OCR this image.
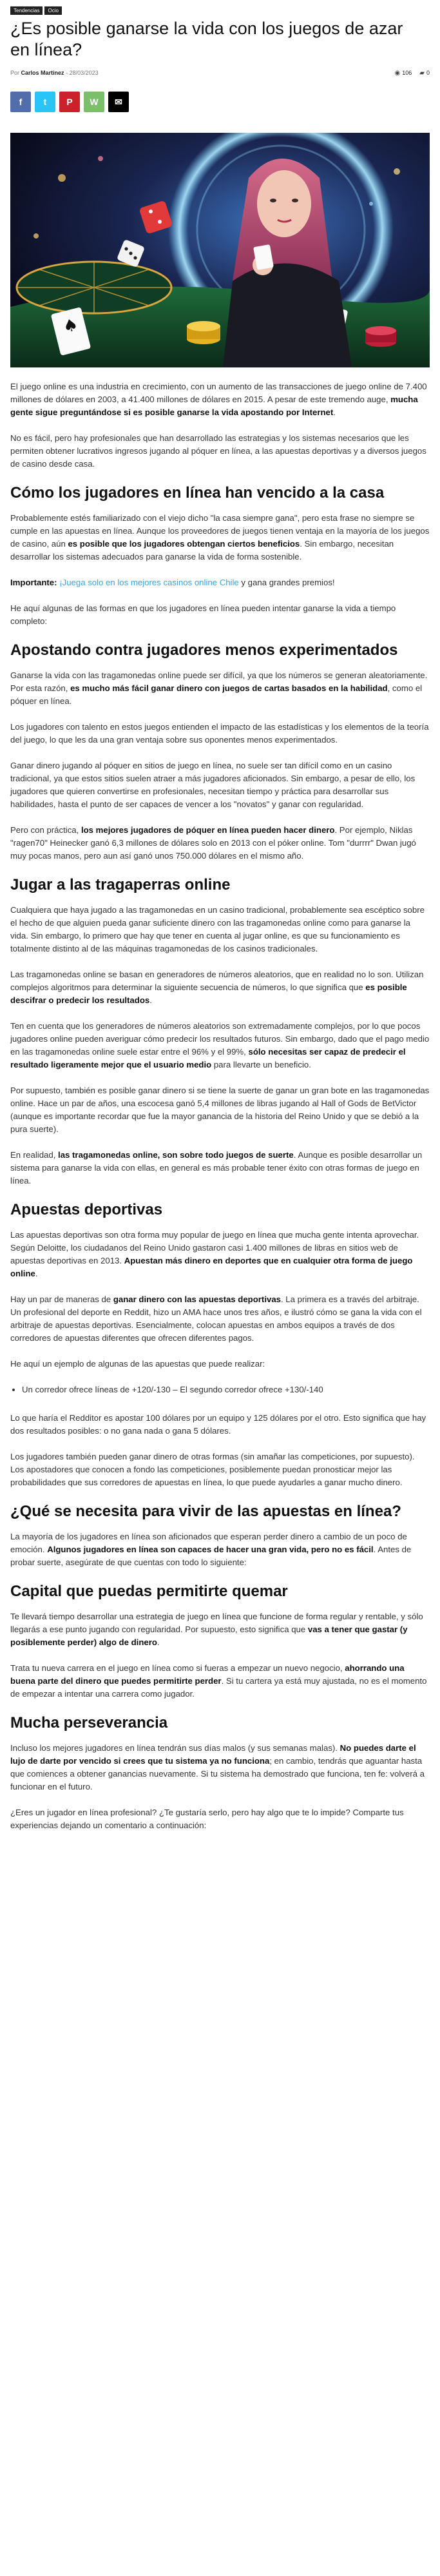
Tendencias	Ocio
¿Es posible ganarse la vida con los juegos de azar en línea?
Por Carlos Martinez - 28/03/2023	◉ 106 ▰ 0
f t P W ✉
♠

El juego online es una industria en crecimiento, con un aumento de las transacciones de juego online de 7.400 millones de dólares en 2003, a 41.400 millones de dólares en 2015. A pesar de este tremendo auge, mucha gente sigue preguntándose si es posible ganarse la vida apostando por Internet.

No es fácil, pero hay profesionales que han desarrollado las estrategias y los sistemas necesarios que les permiten obtener lucrativos ingresos jugando al póquer en línea, a las apuestas deportivas y a diversos juegos de casino desde casa.

Cómo los jugadores en línea han vencido a la casa

Probablemente estés familiarizado con el viejo dicho "la casa siempre gana", pero esta frase no siempre se cumple en las apuestas en línea. Aunque los proveedores de juegos tienen ventaja en la mayoría de los juegos de casino, aún es posible que los jugadores obtengan ciertos beneficios. Sin embargo, necesitan desarrollar los sistemas adecuados para ganarse la vida de forma sostenible.

Importante: ¡Juega solo en los mejores casinos online Chile y gana grandes premios!

He aquí algunas de las formas en que los jugadores en línea pueden intentar ganarse la vida a tiempo completo:

Apostando contra jugadores menos experimentados

Ganarse la vida con las tragamonedas online puede ser difícil, ya que los números se generan aleatoriamente. Por esta razón, es mucho más fácil ganar dinero con juegos de cartas basados en la habilidad, como el póquer en línea.

Los jugadores con talento en estos juegos entienden el impacto de las estadísticas y los elementos de la teoría del juego, lo que les da una gran ventaja sobre sus oponentes menos experimentados.

Ganar dinero jugando al póquer en sitios de juego en línea, no suele ser tan difícil como en un casino tradicional, ya que estos sitios suelen atraer a más jugadores aficionados. Sin embargo, a pesar de ello, los jugadores que quieren convertirse en profesionales, necesitan tiempo y práctica para desarrollar sus habilidades, hasta el punto de ser capaces de vencer a los "novatos" y ganar con regularidad.

Pero con práctica, los mejores jugadores de póquer en línea pueden hacer dinero. Por ejemplo, Niklas "ragen70" Heinecker ganó 6,3 millones de dólares solo en 2013 con el póker online. Tom "durrrr" Dwan jugó muy pocas manos, pero aun así ganó unos 750.000 dólares en el mismo año.

Jugar a las tragaperras online

Cualquiera que haya jugado a las tragamonedas en un casino tradicional, probablemente sea escéptico sobre el hecho de que alguien pueda ganar suficiente dinero con las tragamonedas online como para ganarse la vida. Sin embargo, lo primero que hay que tener en cuenta al jugar online, es que su funcionamiento es totalmente distinto al de las máquinas tragamonedas de los casinos tradicionales.

Las tragamonedas online se basan en generadores de números aleatorios, que en realidad no lo son. Utilizan complejos algoritmos para determinar la siguiente secuencia de números, lo que significa que es posible descifrar o predecir los resultados.

Ten en cuenta que los generadores de números aleatorios son extremadamente complejos, por lo que pocos jugadores online pueden averiguar cómo predecir los resultados futuros. Sin embargo, dado que el pago medio en las tragamonedas online suele estar entre el 96% y el 99%, sólo necesitas ser capaz de predecir el resultado ligeramente mejor que el usuario medio para llevarte un beneficio.

Por supuesto, también es posible ganar dinero si se tiene la suerte de ganar un gran bote en las tragamonedas online. Hace un par de años, una escocesa ganó 5,4 millones de libras jugando al Hall of Gods de BetVictor (aunque es importante recordar que fue la mayor ganancia de la historia del Reino Unido y que se debió a la pura suerte).

En realidad, las tragamonedas online, son sobre todo juegos de suerte. Aunque es posible desarrollar un sistema para ganarse la vida con ellas, en general es más probable tener éxito con otras formas de juego en línea.

Apuestas deportivas

Las apuestas deportivas son otra forma muy popular de juego en línea que mucha gente intenta aprovechar. Según Deloitte, los ciudadanos del Reino Unido gastaron casi 1.400 millones de libras en sitios web de apuestas deportivas en 2013. Apuestan más dinero en deportes que en cualquier otra forma de juego online.

Hay un par de maneras de ganar dinero con las apuestas deportivas. La primera es a través del arbitraje. Un profesional del deporte en Reddit, hizo un AMA hace unos tres años, e ilustró cómo se gana la vida con el arbitraje de apuestas deportivas. Esencialmente, colocan apuestas en ambos equipos a través de dos corredores de apuestas diferentes que ofrecen diferentes pagos.

He aquí un ejemplo de algunas de las apuestas que puede realizar:

• Un corredor ofrece líneas de +120/-130 – El segundo corredor ofrece +130/-140

Lo que haría el Redditor es apostar 100 dólares por un equipo y 125 dólares por el otro. Esto significa que hay dos resultados posibles: o no gana nada o gana 5 dólares.

Los jugadores también pueden ganar dinero de otras formas (sin amañar las competiciones, por supuesto). Los apostadores que conocen a fondo las competiciones, posiblemente puedan pronosticar mejor las probabilidades que sus corredores de apuestas en línea, lo que puede ayudarles a ganar mucho dinero.

¿Qué se necesita para vivir de las apuestas en línea?

La mayoría de los jugadores en línea son aficionados que esperan perder dinero a cambio de un poco de emoción. Algunos jugadores en línea son capaces de hacer una gran vida, pero no es fácil. Antes de probar suerte, asegúrate de que cuentas con todo lo siguiente:

Capital que puedas permitirte quemar

Te llevará tiempo desarrollar una estrategia de juego en línea que funcione de forma regular y rentable, y sólo llegarás a ese punto jugando con regularidad. Por supuesto, esto significa que vas a tener que gastar (y posiblemente perder) algo de dinero.

Trata tu nueva carrera en el juego en línea como si fueras a empezar un nuevo negocio, ahorrando una buena parte del dinero que puedes permitirte perder. Si tu cartera ya está muy ajustada, no es el momento de empezar a intentar una carrera como jugador.

Mucha perseverancia

Incluso los mejores jugadores en línea tendrán sus días malos (y sus semanas malas). No puedes darte el lujo de darte por vencido si crees que tu sistema ya no funciona; en cambio, tendrás que aguantar hasta que comiences a obtener ganancias nuevamente. Si tu sistema ha demostrado que funciona, ten fe: volverá a funcionar en el futuro.

¿Eres un jugador en línea profesional? ¿Te gustaría serlo, pero hay algo que te lo impide? Comparte tus experiencias dejando un comentario a continuación:
